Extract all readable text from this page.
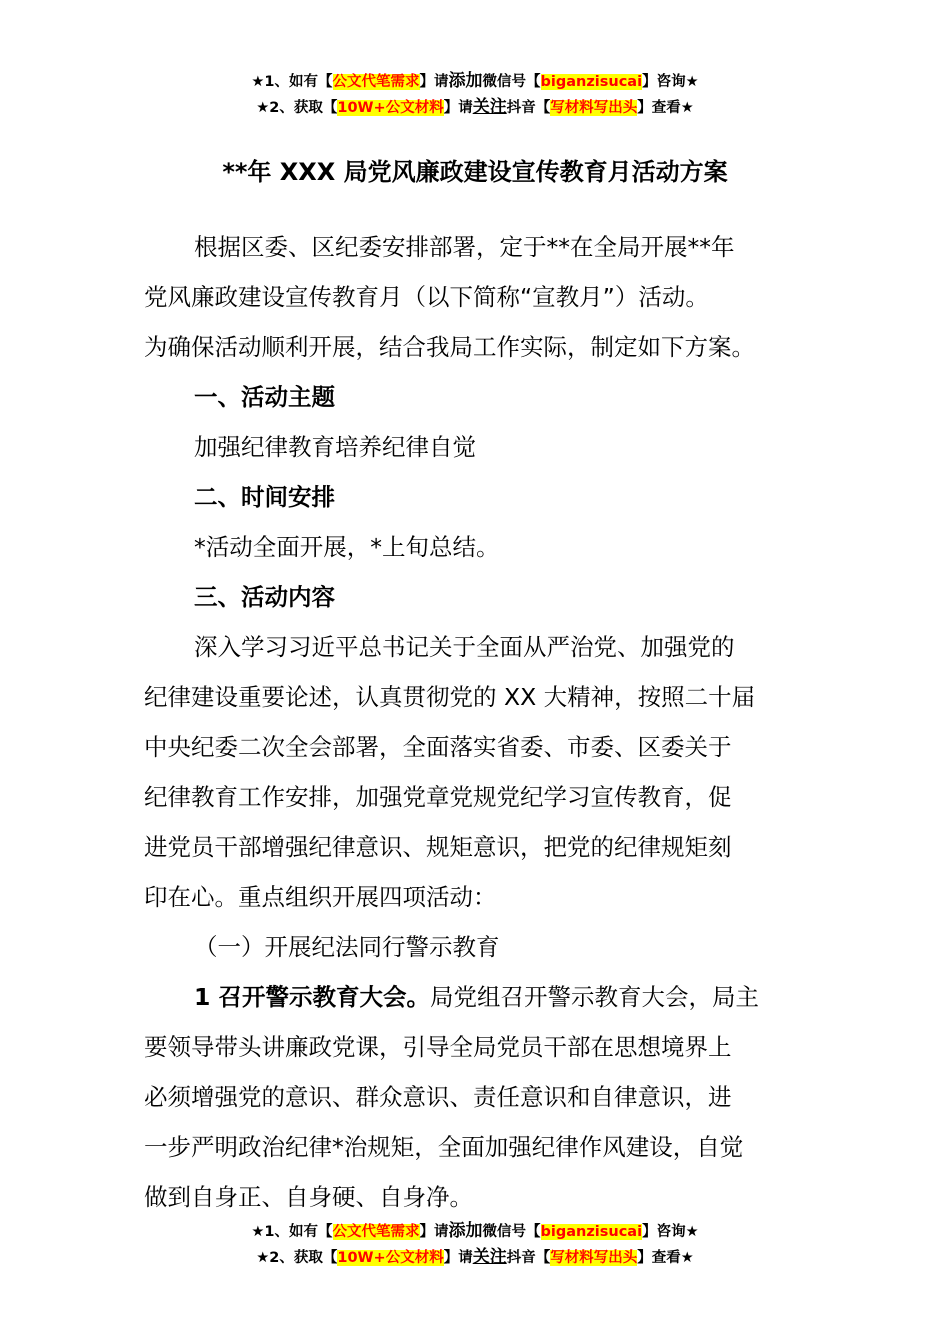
★1、如有【公文代笔需求】请添加微信号【biganzisucai】咨询★
★2、获取【10W+公文材料】请关注抖音【写材料写出头】查看★
**年 XXX 局党风廉政建设宣传教育月活动方案

根据区委、区纪委安排部署，定于**在全局开展**年
党风廉政建设宣传教育月（以下简称“宣教月”）活动。
为确保活动顺利开展，结合我局工作实际，制定如下方案。

一、活动主题

加强纪律教育培养纪律自觉

二、时间安排

*活动全面开展，*上旬总结。

三、活动内容

深入学习习近平总书记关于全面从严治党、加强党的
纪律建设重要论述，认真贯彻党的 XX 大精神，按照二十届
中央纪委二次全会部署，全面落实省委、市委、区委关于
纪律教育工作安排，加强党章党规党纪学习宣传教育，促
进党员干部增强纪律意识、规矩意识，把党的纪律规矩刻
印在心。重点组织开展四项活动：

（一）开展纪法同行警示教育

1 召开警示教育大会。局党组召开警示教育大会，局主
要领导带头讲廉政党课，引导全局党员干部在思想境界上
必须增强党的意识、群众意识、责任意识和自律意识，进
一步严明政治纪律*治规矩，全面加强纪律作风建设，自觉
做到自身正、自身硬、自身净。

★1、如有【公文代笔需求】请添加微信号【biganzisucai】咨询★
★2、获取【10W+公文材料】请关注抖音【写材料写出头】查看★
